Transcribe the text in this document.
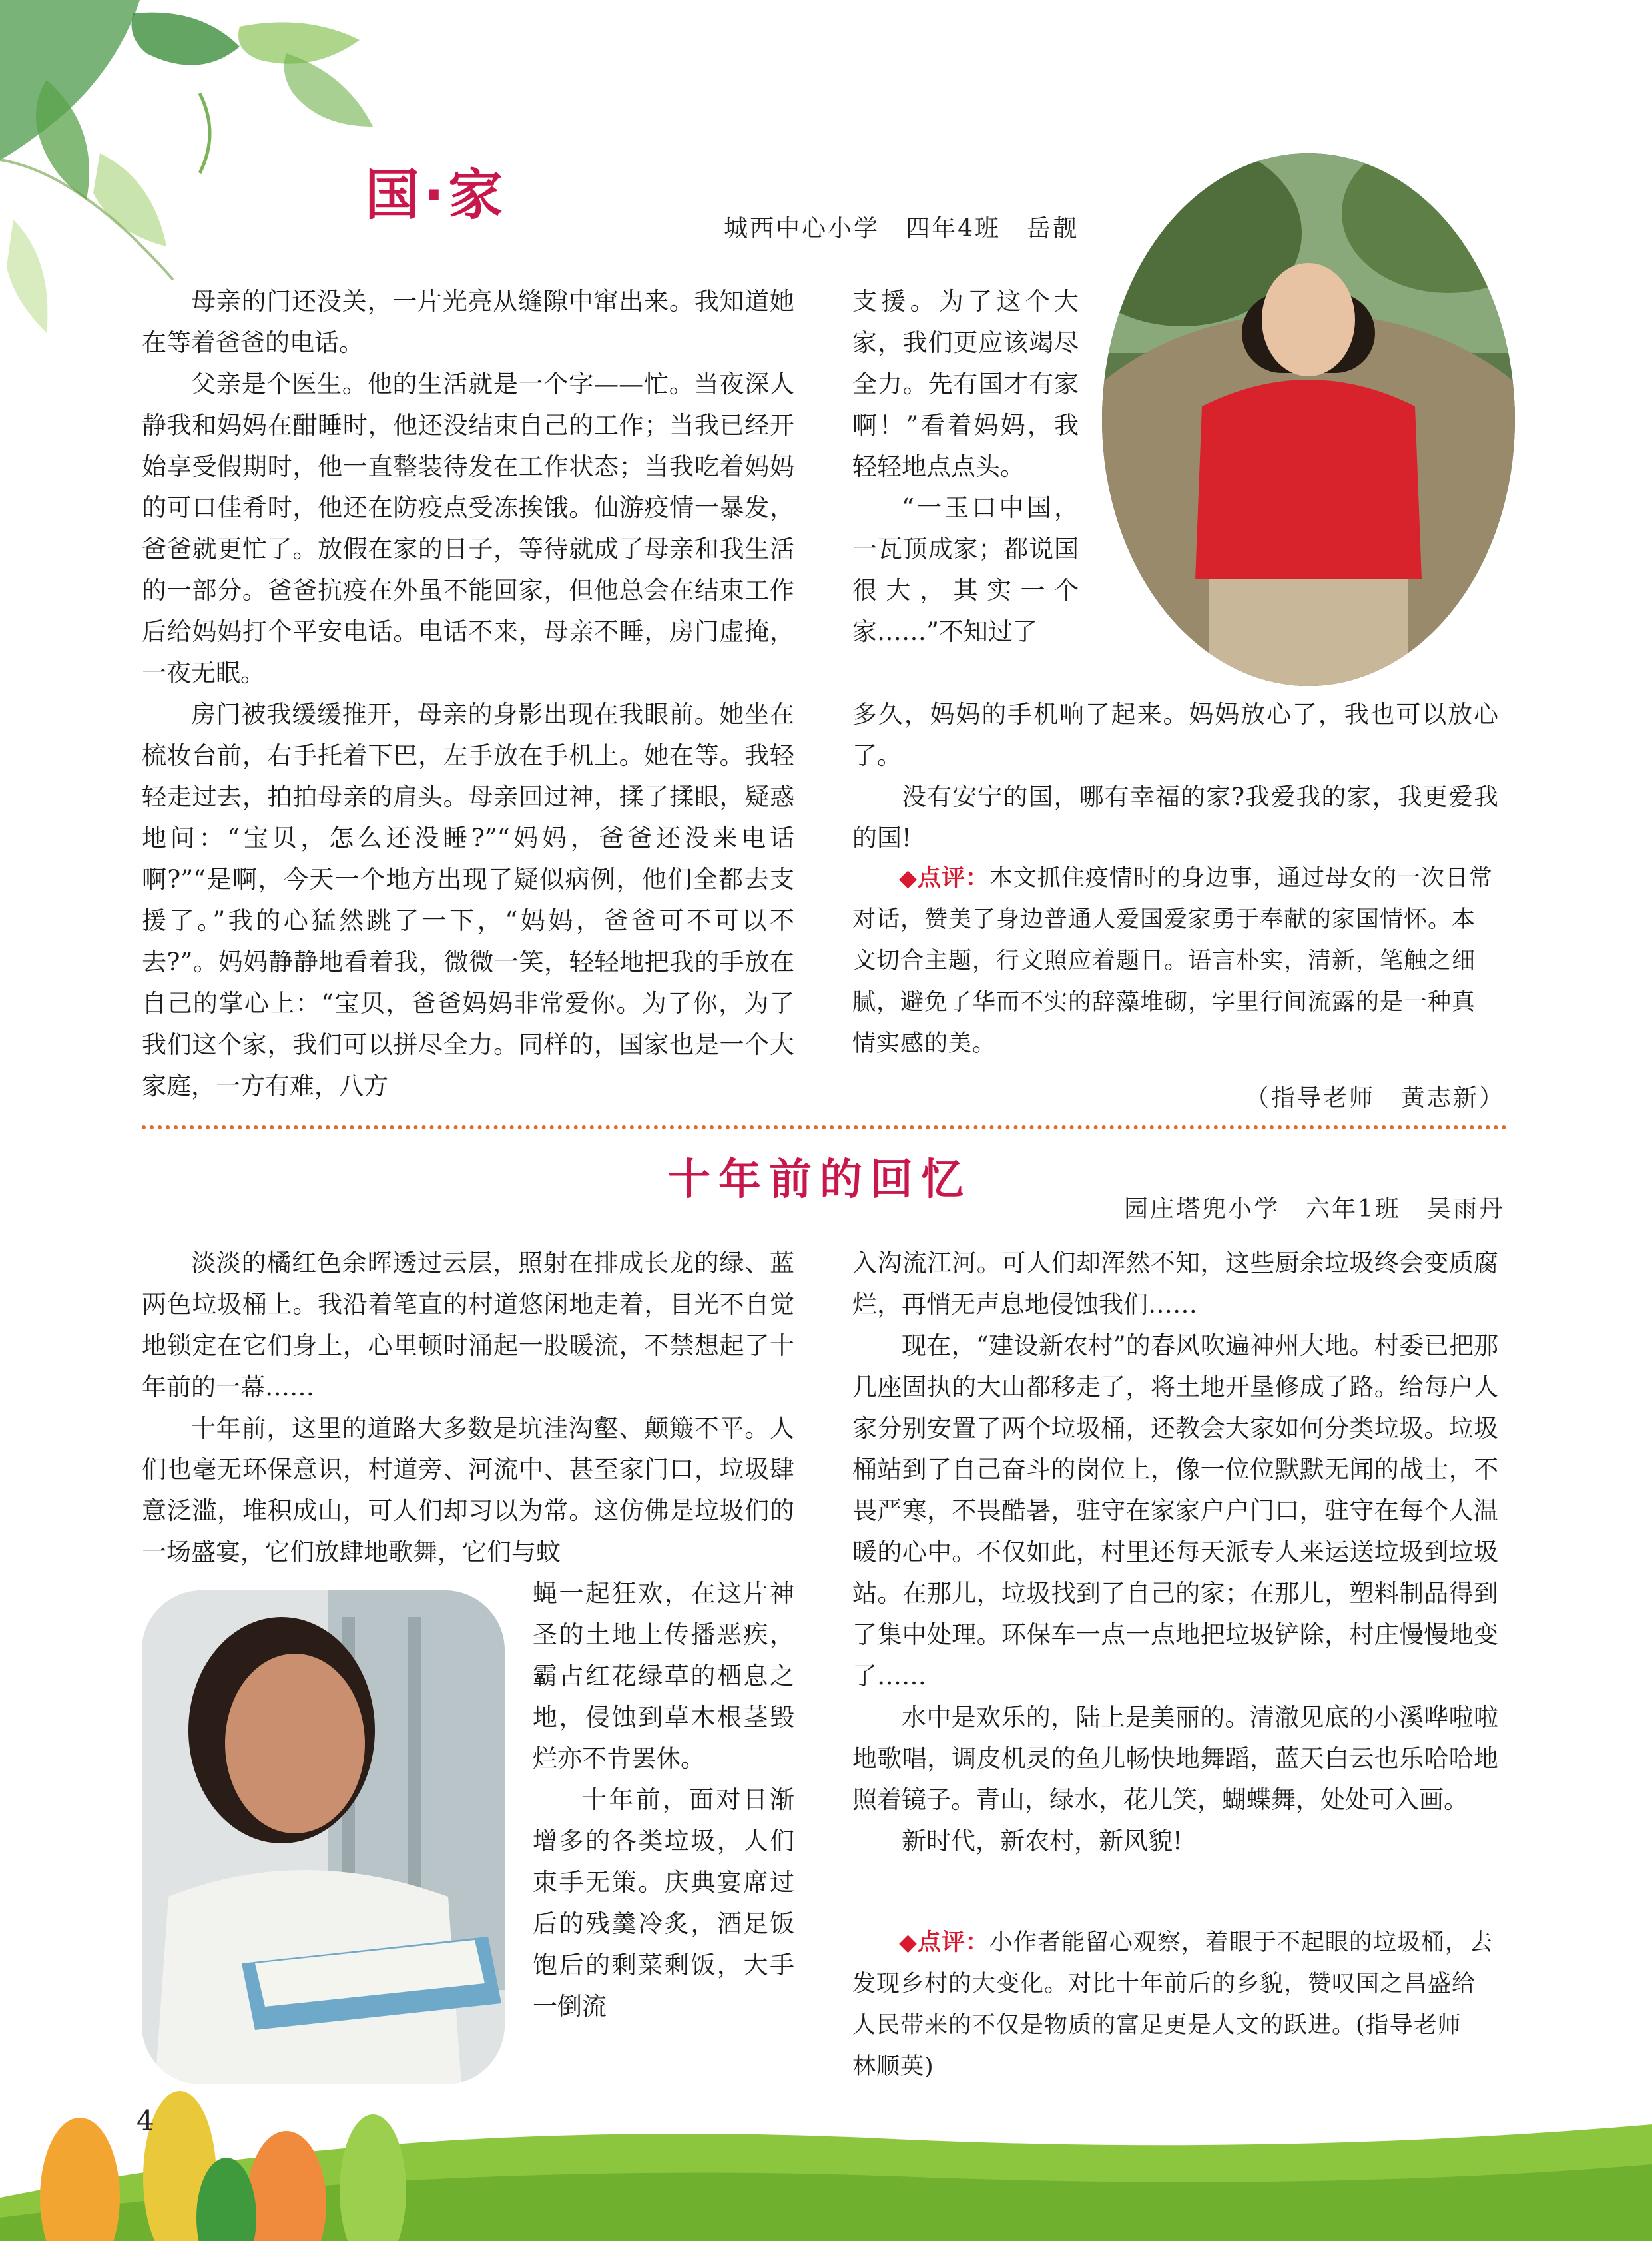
国·家
城西中心小学　四年4班　岳靓

母亲的门还没关，一片光亮从缝隙中窜出来。我知道她在等着爸爸的电话。

父亲是个医生。他的生活就是一个字——忙。当夜深人静我和妈妈在酣睡时，他还没结束自己的工作；当我已经开始享受假期时，他一直整装待发在工作状态；当我吃着妈妈的可口佳肴时，他还在防疫点受冻挨饿。仙游疫情一暴发，爸爸就更忙了。放假在家的日子，等待就成了母亲和我生活的一部分。爸爸抗疫在外虽不能回家，但他总会在结束工作后给妈妈打个平安电话。电话不来，母亲不睡，房门虚掩，一夜无眠。

房门被我缓缓推开，母亲的身影出现在我眼前。她坐在梳妆台前，右手托着下巴，左手放在手机上。她在等。我轻轻走过去，拍拍母亲的肩头。母亲回过神，揉了揉眼，疑惑地问：“宝贝，怎么还没睡?”“妈妈，爸爸还没来电话啊?”“是啊，今天一个地方出现了疑似病例，他们全都去支援了。”我的心猛然跳了一下，“妈妈，爸爸可不可以不去?”。妈妈静静地看着我，微微一笑，轻轻地把我的手放在自己的掌心上：“宝贝，爸爸妈妈非常爱你。为了你，为了我们这个家，我们可以拼尽全力。同样的，国家也是一个大家庭，一方有难，八方

支援。为了这个大家，我们更应该竭尽全力。先有国才有家啊！”看着妈妈，我轻轻地点点头。

“一玉口中国，一瓦顶成家；都说国很大，其实一个家……”不知过了

多久，妈妈的手机响了起来。妈妈放心了，我也可以放心了。

没有安宁的国，哪有幸福的家?我爱我的家，我更爱我的国!

◆点评：本文抓住疫情时的身边事，通过母女的一次日常对话，赞美了身边普通人爱国爱家勇于奉献的家国情怀。本文切合主题，行文照应着题目。语言朴实，清新，笔触之细腻，避免了华而不实的辞藻堆砌，字里行间流露的是一种真情实感的美。
（指导老师　黄志新）
十年前的回忆
园庄塔兜小学　六年1班　吴雨丹

淡淡的橘红色余晖透过云层，照射在排成长龙的绿、蓝两色垃圾桶上。我沿着笔直的村道悠闲地走着，目光不自觉地锁定在它们身上，心里顿时涌起一股暖流，不禁想起了十年前的一幕……

十年前，这里的道路大多数是坑洼沟壑、颠簸不平。人们也毫无环保意识，村道旁、河流中、甚至家门口，垃圾肆意泛滥，堆积成山，可人们却习以为常。这仿佛是垃圾们的一场盛宴，它们放肆地歌舞，它们与蚊

蝇一起狂欢，在这片神圣的土地上传播恶疾，霸占红花绿草的栖息之地，侵蚀到草木根茎毁烂亦不肯罢休。

十年前，面对日渐增多的各类垃圾，人们束手无策。庆典宴席过后的残羹冷炙，酒足饭饱后的剩菜剩饭，大手一倒流

入沟流江河。可人们却浑然不知，这些厨余垃圾终会变质腐烂，再悄无声息地侵蚀我们……

现在，“建设新农村”的春风吹遍神州大地。村委已把那几座固执的大山都移走了，将土地开垦修成了路。给每户人家分别安置了两个垃圾桶，还教会大家如何分类垃圾。垃圾桶站到了自己奋斗的岗位上，像一位位默默无闻的战士，不畏严寒，不畏酷暑，驻守在家家户户门口，驻守在每个人温暖的心中。不仅如此，村里还每天派专人来运送垃圾到垃圾站。在那儿，垃圾找到了自己的家；在那儿，塑料制品得到了集中处理。环保车一点一点地把垃圾铲除，村庄慢慢地变了……

水中是欢乐的，陆上是美丽的。清澈见底的小溪哗啦啦地歌唱，调皮机灵的鱼儿畅快地舞蹈，蓝天白云也乐哈哈地照着镜子。青山，绿水，花儿笑，蝴蝶舞，处处可入画。

新时代，新农村，新风貌!

◆点评：小作者能留心观察，着眼于不起眼的垃圾桶，去发现乡村的大变化。对比十年前后的乡貌，赞叹国之昌盛给人民带来的不仅是物质的富足更是人文的跃进。(指导老师　林顺英)
4
